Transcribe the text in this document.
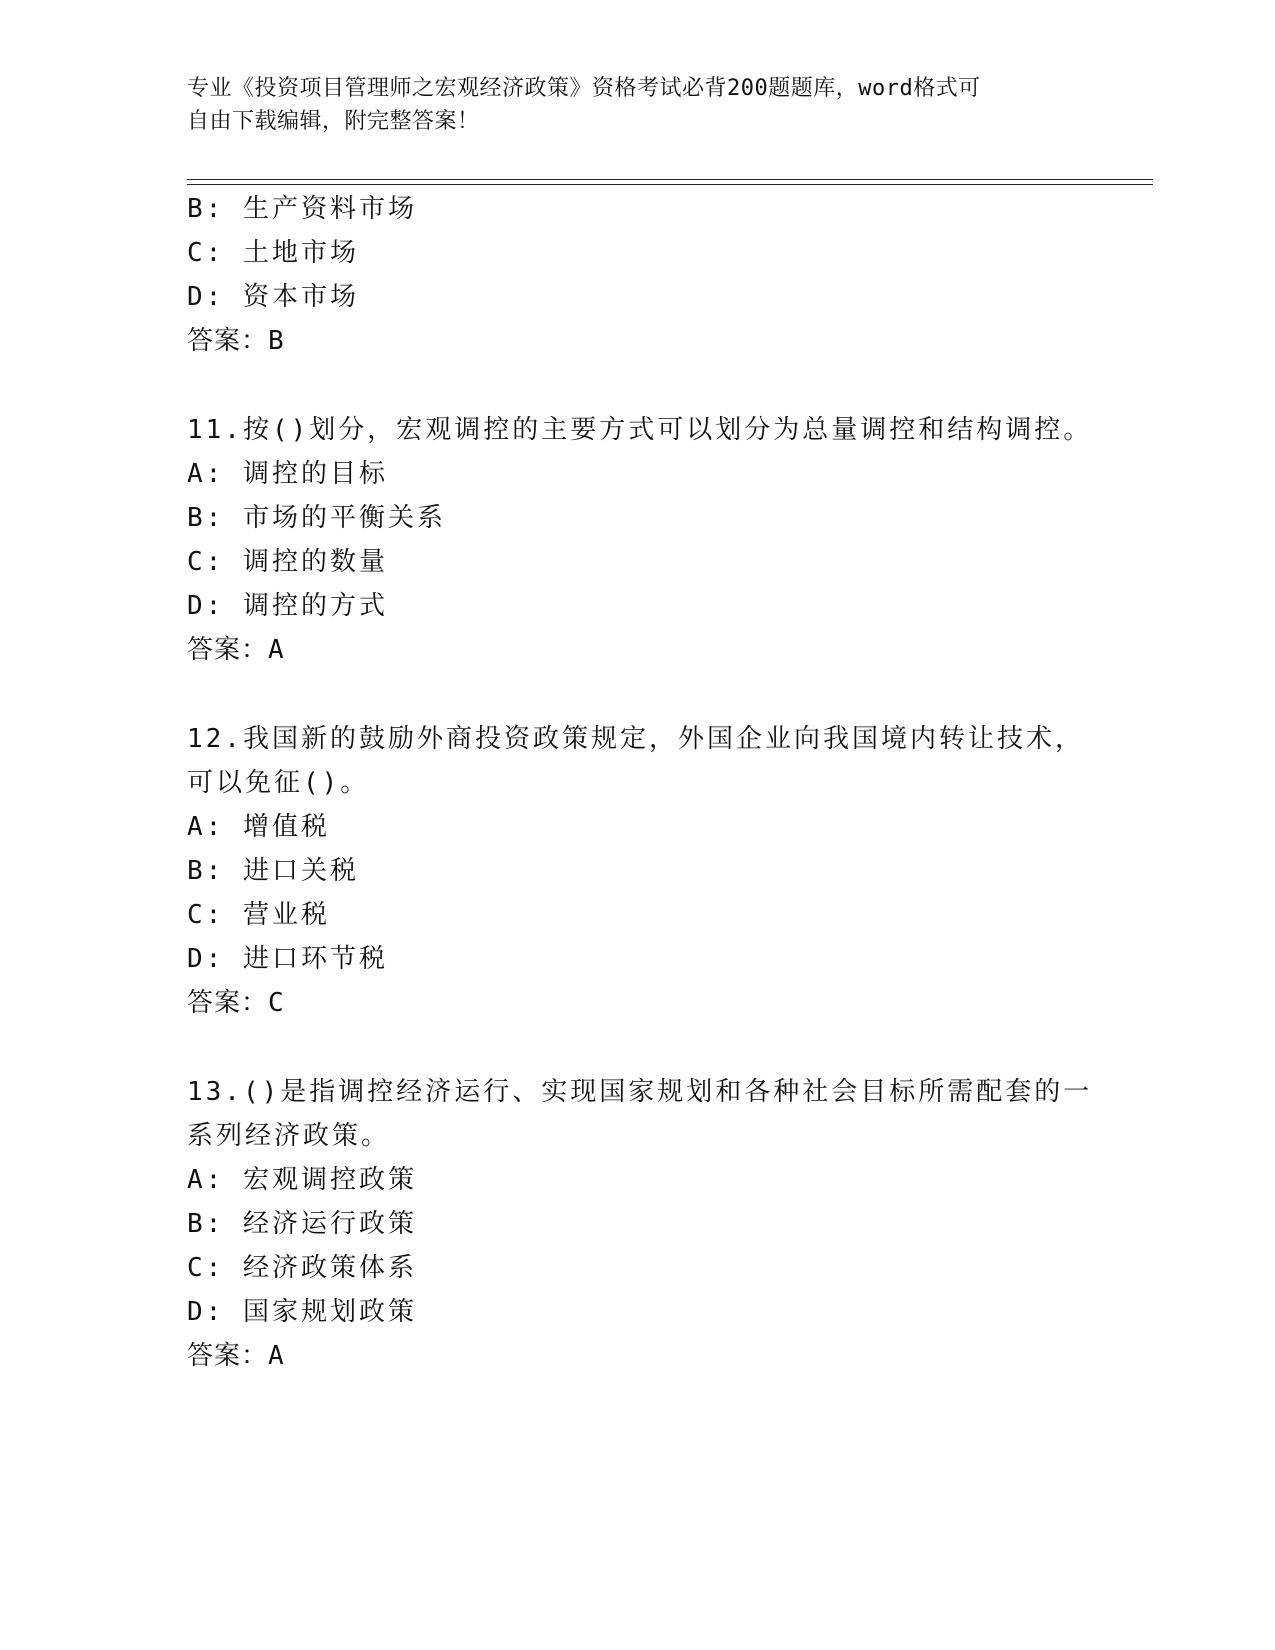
专业《投资项目管理师之宏观经济政策》资格考试必背200题题库，word格式可
自由下载编辑，附完整答案！
B: 生产资料市场
C: 土地市场
D: 资本市场
答案：B
11.按()划分，宏观调控的主要方式可以划分为总量调控和结构调控。
A: 调控的目标
B: 市场的平衡关系
C: 调控的数量
D: 调控的方式
答案：A
12.我国新的鼓励外商投资政策规定，外国企业向我国境内转让技术，
可以免征()。
A: 增值税
B: 进口关税
C: 营业税
D: 进口环节税
答案：C
13.()是指调控经济运行、实现国家规划和各种社会目标所需配套的一
系列经济政策。
A: 宏观调控政策
B: 经济运行政策
C: 经济政策体系
D: 国家规划政策
答案：A
